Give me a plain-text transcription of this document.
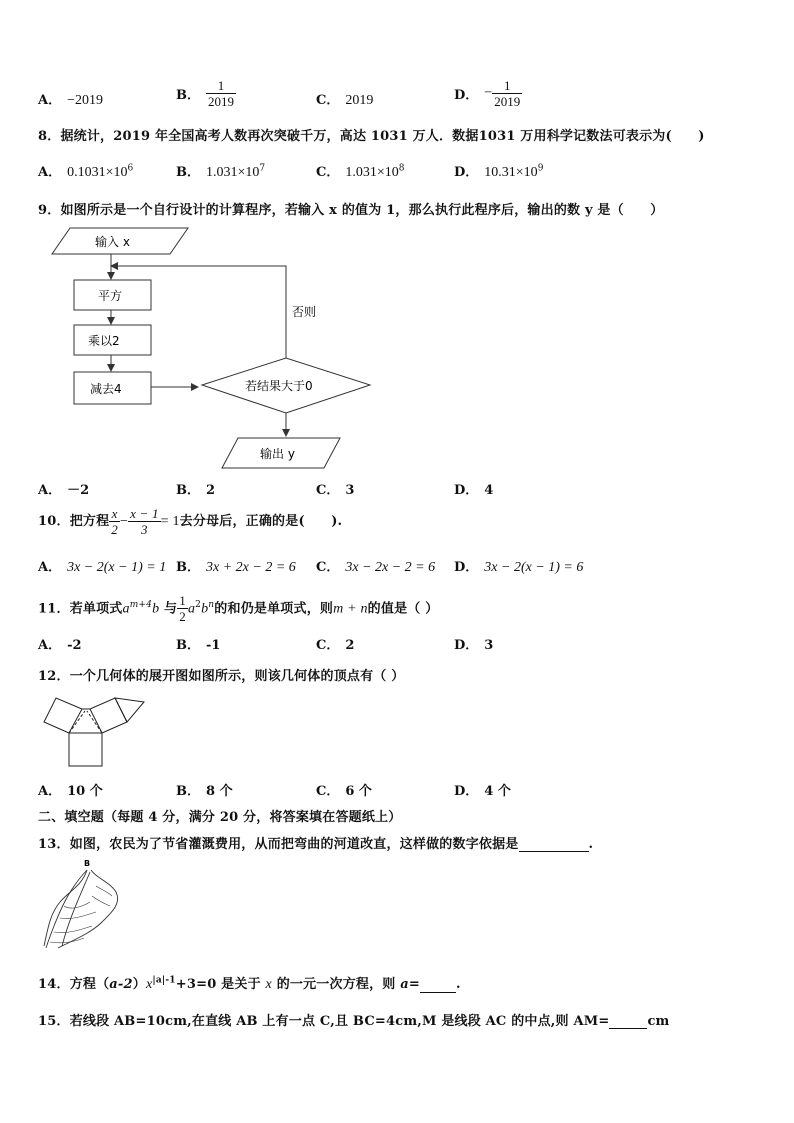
A． −2019	B． $\frac{1}{2019}$	C． 2019	D． − $\frac{1}{2019}$
8．据统计，2019 年全国高考人数再次突破千万，高达 1031 万人．数据1031 万用科学记数法可表示为(　　)
A． $0.1031\times 10^6$	B． $1.031\times 10^7$	C． $1.031\times 10^8$	D． $10.31\times 10^9$
9．如图所示是一个自行设计的计算程序，若输入 x 的值为 1，那么执行此程序后，输出的数 y 是（　　）
输入 x
平方
乘以2
减去4	若结果大于0
否则
输出 y
A． －2	B． 2	C． 3	D． 4
10．把方程 $\frac{x}{2} - \frac{x - 1}{3} = 1$去分母后，正确的是(　　).
A． 3x − 2(x − 1) = 1 B． 3x + 2x − 2 = 6 C． 3x − 2x − 2 = 6 D． 3x − 2(x − 1) = 6
11．若单项式$a^{m+4}b$ 与 $\frac{1}{2} a^2b^n$的和仍是单项式，则m + n的值是（ ）
A． -2	B． -1	C． 2	D． 3
12．一个几何体的展开图如图所示，则该几何体的顶点有（ ）
A． 10 个	B． 8 个	C． 6 个	D． 4 个
二、填空题（每题 4 分，满分 20 分，将答案填在答题纸上）
13．如图，农民为了节省灌溉费用，从而把弯曲的河道改直，这样做的数字依据是	.
B
14．方程$(a-2)x^{|a|-1}+3=0$ 是关于 x 的一元一次方程，则 a=	.
15．若线段 AB=10cm,在直线 AB 上有一点 C,且 BC=4cm,M 是线段 AC 的中点,则 AM=	cm
